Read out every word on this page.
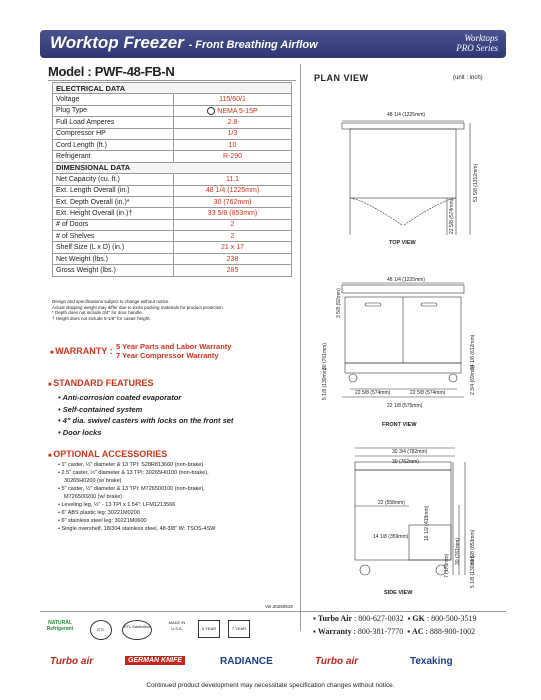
Worktop Freezer - Front Breathing Airflow
Worktops
PRO Series
Model : PWF-48-FB-N
ELECTRICAL DATA	
Voltage	115/60/1
Plug Type	NEMA 5-15P
Full Load Amperes	2.8
Compressor HP	1/3
Cord Length (ft.)	10
Refrigerant	R-290
DIMENSIONAL DATA	
Net Capacity (cu. ft.)	11.1
Ext. Length Overall (in.)	48 1/4 (1225mm)
Ext. Depth Overall (in.)*	30 (762mm)
Ext. Height Overall (in.)†	33 5/8 (853mm)
# of Doors	2
# of Shelves	2
Shelf Size (L x D) (in.)	21 x 17
Net Weight (lbs.)	238
Gross Weight (lbs.)	285
Design and specifications subject to change without notice.
Actual shipping weight may differ due to extra packing materials for product protection.
* Depth does not include 3/4" for door handle.
† Height does not include 5-1/8" for caster height.
■ WARRANTY : 5 Year Parts and Labor Warranty
7 Year Compressor Warranty
■ STANDARD FEATURES
• Anti-corrosion coated evaporator
• Self-contained system
• 4" dia. swivel casters with locks on the front set
• Door locks
■ OPTIONAL ACCESSORIES
• 1" caster, ½" diameter & 13 TPI: S28R813660 (non-brake)
• 2.5" caster, ½" diameter & 13 TPI: 30265H0100 (non-brake),
30265H0200 (w/ brake)
• 5" caster, ½" diameter & 13 TPI: M726500100 (non-brake),
M726500200 (w/ brake)
• Leveling leg, ½" - 13 TPI x 1.54": LFM1213566
• 6" ABS plastic leg: 30221M0200
• 6" stainless steel leg: 30221M0600
• Single overshelf, 18/304 stainless steel, 48-3/8" W: TSOS-4SW
Ver.20250519
PLAN VIEW	(unit : inch)
48 1/4 (1225mm)
51 5/8 (1312mm)
22 5/8 (574mm)
TOP VIEW
48 1/4 (1225mm)
3 5/8 (92mm)
30 (761mm)	24 1/8 (612mm)
2 3/4 (69mm)
5 1/8 (130mm)	22 5/8 (574mm)	22 5/8 (574mm)
22 1/8 (575mm)
FRONT VIEW
30 3/4 (782mm)
30 (762mm)
22 (558mm)
14 1/8 (359mm)	16 1/2 (419mm)
30 (761mm) 33 5/8 (853mm)
7 (178mm)	5 1/8 (130mm)
SIDE VIEW
▪ Turbo Air : 800-627-0032  ▪ GK : 800-500-3519
▪ Warranty : 800-381-7770  ▪ AC : 888-900-1002
NATURAL Refrigerant	ETL
ETL Sanitation
MADE IN U.S.A.	5 YEAR	7 YEAR
Turbo air	GERMAN KNIFE	RADIANCE	Turbo air	Texaking
Continued product development may necessitate specification changes without notice.
